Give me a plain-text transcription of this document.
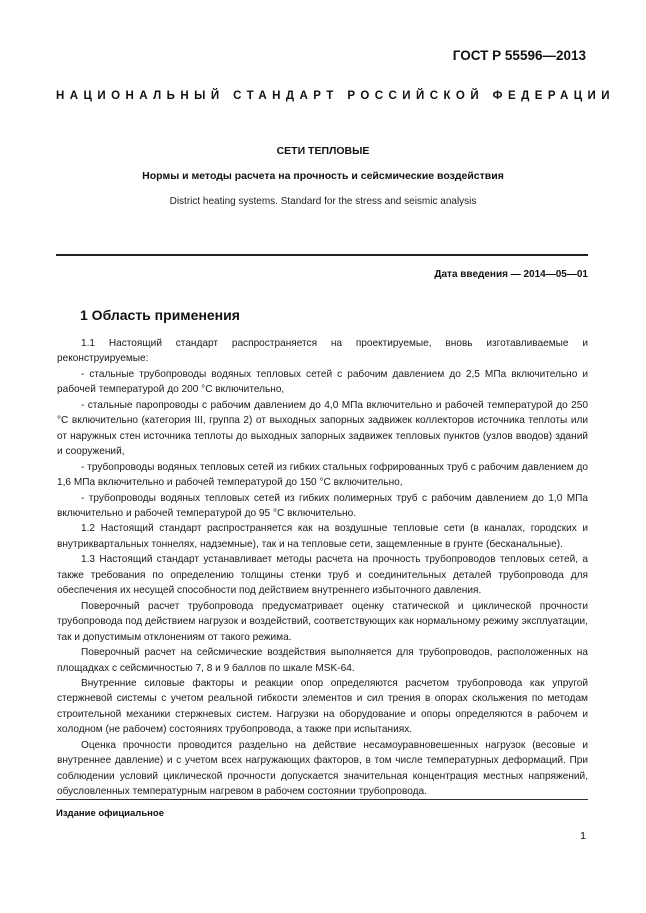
ГОСТ Р 55596—2013
НАЦИОНАЛЬНЫЙ СТАНДАРТ РОССИЙСКОЙ ФЕДЕРАЦИИ
СЕТИ ТЕПЛОВЫЕ
Нормы и методы расчета на прочность и сейсмические воздействия
District heating systems. Standard for the stress and seismic analysis
Дата введения — 2014—05—01
1 Область применения

1.1 Настоящий стандарт распространяется на проектируемые, вновь изготавливаемые и реконструируемые:

- стальные трубопроводы водяных тепловых сетей с рабочим давлением до 2,5 МПа включительно и рабочей температурой до 200 °С включительно,

- стальные паропроводы с рабочим давлением до 4,0 МПа включительно и рабочей температурой до 250 °С включительно (категория III, группа 2) от выходных запорных задвижек коллекторов источника теплоты или от наружных стен источника теплоты до выходных запорных задвижек тепловых пунктов (узлов вводов) зданий и сооружений,

- трубопроводы водяных тепловых сетей из гибких стальных гофрированных труб с рабочим давлением до 1,6 МПа включительно и рабочей температурой до 150 °С включительно,

- трубопроводы водяных тепловых сетей из гибких полимерных труб с рабочим давлением до 1,0 МПа включительно и рабочей температурой до 95 °С включительно.

1.2 Настоящий стандарт распространяется как на воздушные тепловые сети (в каналах, городских и внутриквартальных тоннелях, надземные), так и на тепловые сети, защемленные в грунте (бесканальные).

1.3 Настоящий стандарт устанавливает методы расчета на прочность трубопроводов тепловых сетей, а также требования по определению толщины стенки труб и соединительных деталей трубопровода для обеспечения их несущей способности под действием внутреннего избыточного давления.

Поверочный расчет трубопровода предусматривает оценку статической и циклической прочности трубопровода под действием нагрузок и воздействий, соответствующих как нормальному режиму эксплуатации, так и допустимым отклонениям от такого режима.

Поверочный расчет на сейсмические воздействия выполняется для трубопроводов, расположенных на площадках с сейсмичностью 7, 8 и 9 баллов по шкале MSK-64.

Внутренние силовые факторы и реакции опор определяются расчетом трубопровода как упругой стержневой системы с учетом реальной гибкости элементов и сил трения в опорах скольжения по методам строительной механики стержневых систем. Нагрузки на оборудование и опоры определяются в рабочем и холодном (не рабочем) состояниях трубопровода, а также при испытаниях.

Оценка прочности проводится раздельно на действие несамоуравновешенных нагрузок (весовые и внутреннее давление) и с учетом всех нагружающих факторов, в том числе температурных деформаций. При соблюдении условий циклической прочности допускается значительная концентрация местных напряжений, обусловленных температурным нагревом в рабочем состоянии трубопровода.

Издание официальное
1
